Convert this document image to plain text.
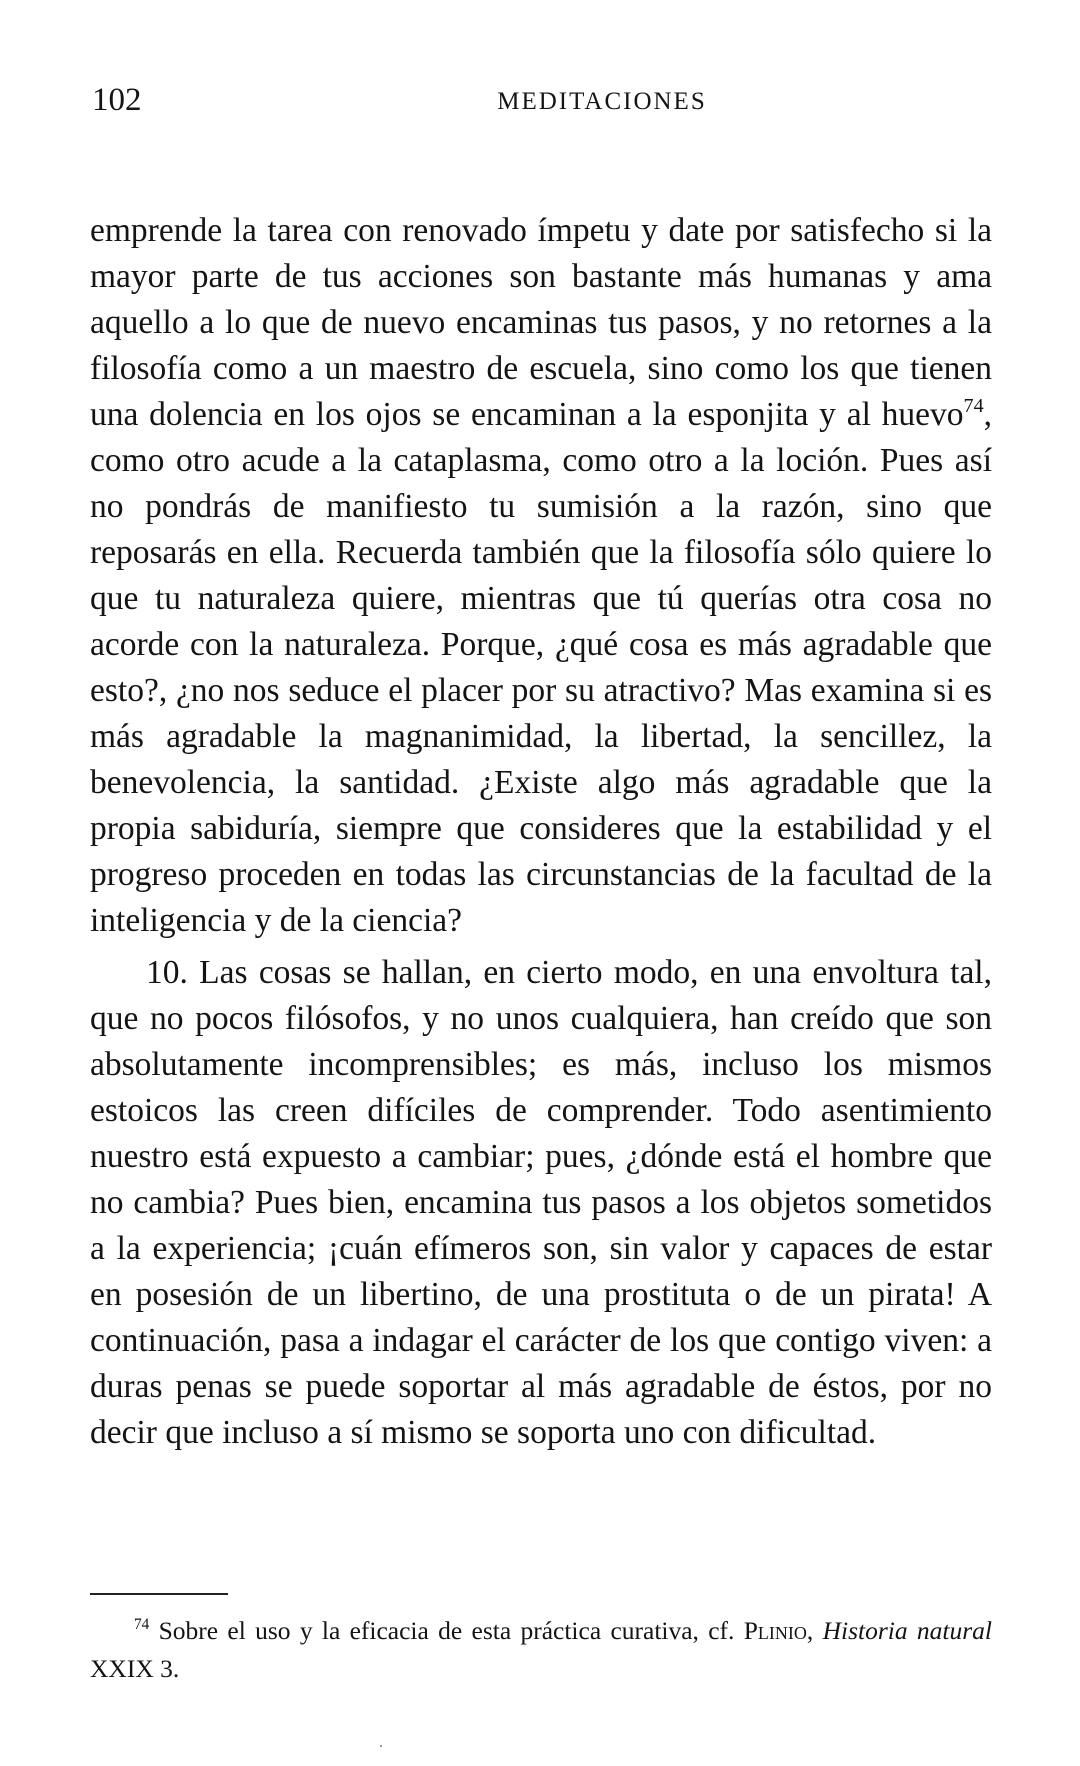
102	MEDITACIONES

emprende la tarea con renovado ímpetu y date por satisfecho si la mayor parte de tus acciones son bastante más humanas y ama aquello a lo que de nuevo encaminas tus pasos, y no retornes a la filosofía como a un maestro de escuela, sino como los que tienen una dolencia en los ojos se encaminan a la esponjita y al huevo$^{74}$, como otro acude a la cataplasma, como otro a la loción. Pues así no pondrás de manifiesto tu sumisión a la razón, sino que reposarás en ella. Recuerda también que la filosofía sólo quiere lo que tu naturaleza quiere, mientras que tú querías otra cosa no acorde con la naturaleza. Porque, ¿qué cosa es más agradable que esto?, ¿no nos seduce el placer por su atractivo? Mas examina si es más agradable la magnanimidad, la libertad, la sencillez, la benevolencia, la santidad. ¿Existe algo más agradable que la propia sabiduría, siempre que consideres que la estabilidad y el progreso proceden en todas las circunstancias de la facultad de la inteligencia y de la ciencia?

10. Las cosas se hallan, en cierto modo, en una envoltura tal, que no pocos filósofos, y no unos cualquiera, han creído que son absolutamente incomprensibles; es más, incluso los mismos estoicos las creen difíciles de comprender. Todo asentimiento nuestro está expuesto a cambiar; pues, ¿dónde está el hombre que no cambia? Pues bien, encamina tus pasos a los objetos sometidos a la experiencia; ¡cuán efímeros son, sin valor y capaces de estar en posesión de un libertino, de una prostituta o de un pirata! A continuación, pasa a indagar el carácter de los que contigo viven: a duras penas se puede soportar al más agradable de éstos, por no decir que incluso a sí mismo se soporta uno con dificultad.

$^{74}$ Sobre el uso y la eficacia de esta práctica curativa, cf. Plinio, Historia natural XXIX 3.
